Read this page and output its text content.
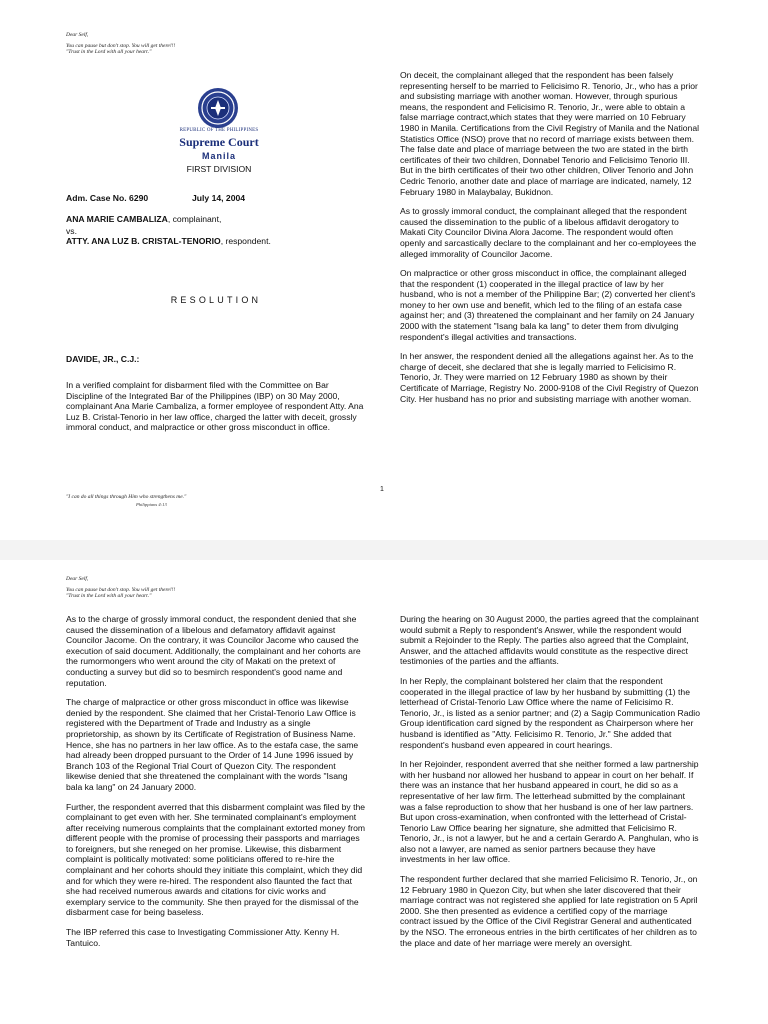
Dear Self,
You can pause but don't stop. You will get there!!!
"Trust in the Lord with all your heart."
REPUBLIC OF THE PHILIPPINES
Supreme Court
Manila
FIRST DIVISION
Adm. Case No. 6290	July 14, 2004
ANA MARIE CAMBALIZA, complainant,
vs.
ATTY. ANA LUZ B. CRISTAL-TENORIO, respondent.
RESOLUTION
DAVIDE, JR., C.J.:

In a verified complaint for disbarment filed with the Committee on Bar Discipline of the Integrated Bar of the Philippines (IBP) on 30 May 2000, complainant Ana Marie Cambaliza, a former employee of respondent Atty. Ana Luz B. Cristal-Tenorio in her law office, charged the latter with deceit, grossly immoral conduct, and malpractice or other gross misconduct in office.

On deceit, the complainant alleged that the respondent has been falsely representing herself to be married to Felicisimo R. Tenorio, Jr., who has a prior and subsisting marriage with another woman. However, through spurious means, the respondent and Felicisimo R. Tenorio, Jr., were able to obtain a false marriage contract,which states that they were married on 10 February 1980 in Manila. Certifications from the Civil Registry of Manila and the National Statistics Office (NSO) prove that no record of marriage exists between them. The false date and place of marriage between the two are stated in the birth certificates of their two children, Donnabel Tenorio and Felicisimo Tenorio III. But in the birth certificates of their two other children, Oliver Tenorio and John Cedric Tenorio, another date and place of marriage are indicated, namely, 12 February 1980 in Malaybalay, Bukidnon.

As to grossly immoral conduct, the complainant alleged that the respondent caused the dissemination to the public of a libelous affidavit derogatory to Makati City Councilor Divina Alora Jacome. The respondent would often openly and sarcastically declare to the complainant and her co-employees the alleged immorality of Councilor Jacome.

On malpractice or other gross misconduct in office, the complainant alleged that the respondent (1) cooperated in the illegal practice of law by her husband, who is not a member of the Philippine Bar; (2) converted her client's money to her own use and benefit, which led to the filing of an estafa case against her; and (3) threatened the complainant and her family on 24 January 2000 with the statement "Isang bala ka lang" to deter them from divulging respondent's illegal activities and transactions.

In her answer, the respondent denied all the allegations against her. As to the charge of deceit, she declared that she is legally married to Felicisimo R. Tenorio, Jr. They were married on 12 February 1980 as shown by their Certificate of Marriage, Registry No. 2000-9108 of the Civil Registry of Quezon City. Her husband has no prior and subsisting marriage with another woman.

1
"I can do all things through Him who strengthens me."
Philippians 4:13
Dear Self,
You can pause but don't stop. You will get there!!!
"Trust in the Lord with all your heart."

As to the charge of grossly immoral conduct, the respondent denied that she caused the dissemination of a libelous and defamatory affidavit against Councilor Jacome. On the contrary, it was Councilor Jacome who caused the execution of said document. Additionally, the complainant and her cohorts are the rumormongers who went around the city of Makati on the pretext of conducting a survey but did so to besmirch respondent's good name and reputation.

The charge of malpractice or other gross misconduct in office was likewise denied by the respondent. She claimed that her Cristal-Tenorio Law Office is registered with the Department of Trade and Industry as a single proprietorship, as shown by its Certificate of Registration of Business Name. Hence, she has no partners in her law office. As to the estafa case, the same had already been dropped pursuant to the Order of 14 June 1996 issued by Branch 103 of the Regional Trial Court of Quezon City. The respondent likewise denied that she threatened the complainant with the words "Isang bala ka lang" on 24 January 2000.

Further, the respondent averred that this disbarment complaint was filed by the complainant to get even with her. She terminated complainant's employment after receiving numerous complaints that the complainant extorted money from different people with the promise of processing their passports and marriages to foreigners, but she reneged on her promise. Likewise, this disbarment complaint is politically motivated: some politicians offered to re-hire the complainant and her cohorts should they initiate this complaint, which they did and for which they were re-hired. The respondent also flaunted the fact that she had received numerous awards and citations for civic works and exemplary service to the community. She then prayed for the dismissal of the disbarment case for being baseless.

The IBP referred this case to Investigating Commissioner Atty. Kenny H. Tantuico.

During the hearing on 30 August 2000, the parties agreed that the complainant would submit a Reply to respondent's Answer, while the respondent would submit a Rejoinder to the Reply. The parties also agreed that the Complaint, Answer, and the attached affidavits would constitute as the respective direct testimonies of the parties and the affiants.

In her Reply, the complainant bolstered her claim that the respondent cooperated in the illegal practice of law by her husband by submitting (1) the letterhead of Cristal-Tenorio Law Office where the name of Felicisimo R. Tenorio, Jr., is listed as a senior partner; and (2) a Sagip Communication Radio Group identification card signed by the respondent as Chairperson where her husband is identified as "Atty. Felicisimo R. Tenorio, Jr." She added that respondent's husband even appeared in court hearings.

In her Rejoinder, respondent averred that she neither formed a law partnership with her husband nor allowed her husband to appear in court on her behalf. If there was an instance that her husband appeared in court, he did so as a representative of her law firm. The letterhead submitted by the complainant was a false reproduction to show that her husband is one of her law partners. But upon cross-examination, when confronted with the letterhead of Cristal-Tenorio Law Office bearing her signature, she admitted that Felicisimo R. Tenorio, Jr., is not a lawyer, but he and a certain Gerardo A. Panghulan, who is also not a lawyer, are named as senior partners because they have investments in her law office.

The respondent further declared that she married Felicisimo R. Tenorio, Jr., on 12 February 1980 in Quezon City, but when she later discovered that their marriage contract was not registered she applied for late registration on 5 April 2000. She then presented as evidence a certified copy of the marriage contract issued by the Office of the Civil Registrar General and authenticated by the NSO. The erroneous entries in the birth certificates of her children as to the place and date of her marriage were merely an oversight.
